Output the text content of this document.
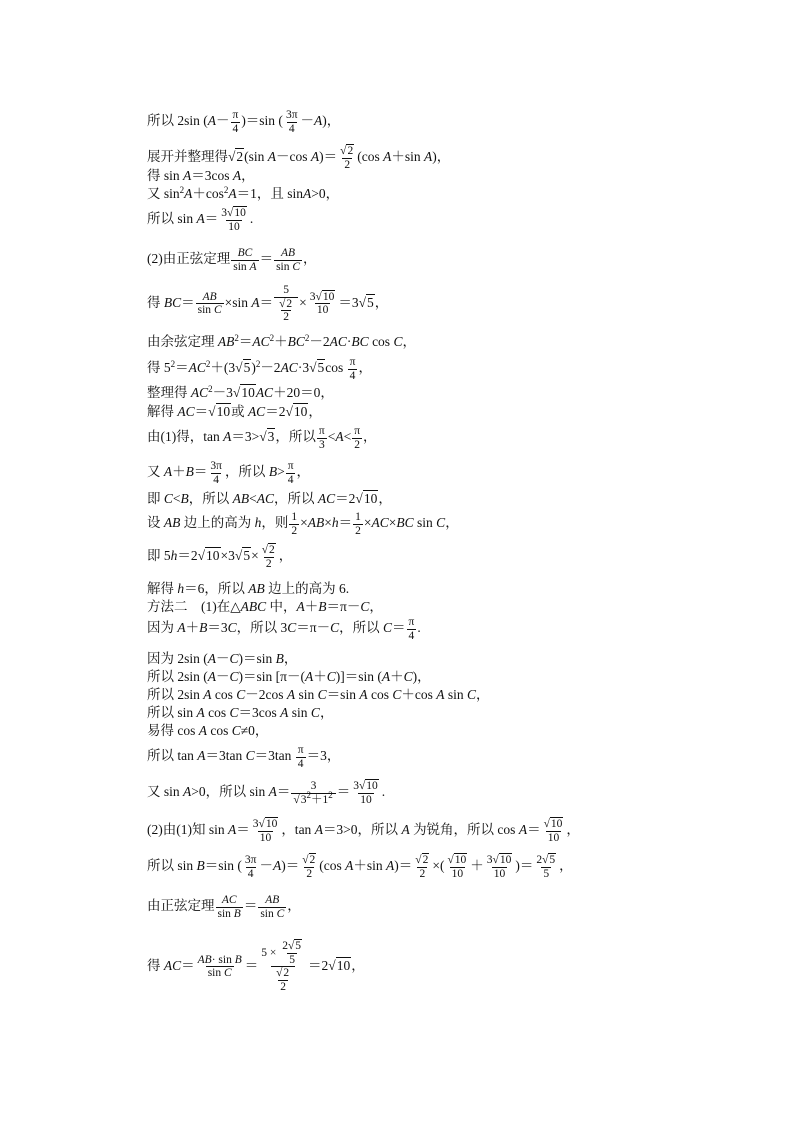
所以 2sin $(A- \frac{\pi}{4} )=\sin$ ( $\frac{3\pi}{4} -A$)，
展开并整理得√2(sin A－cos $A)= \frac{√2}{2} (\cos$ A＋sin A)，
得 sin A＝3cos A，
又 $\sin^2A+\cos^2A=1$，且 sinA>0，
所以 $\sin A= \frac{3√10}{10}$ .
(2)由正弦定理 $\frac{BC}{\text{sin A}} = \frac{AB}{\text{sin C}}$ ，
得 $BC= \frac{AB}{\text{sin C}} \times\sin$ $A= \frac{5}{\frac{√2}{2}} \times \frac{3√10}{10} =3√5$，
由余弦定理 $AB^2=AC^2+BC^2-2AC\cdot BC$ cos C，
得 $5^2=AC^2+(3√5)^2-2AC\cdot 3√5\cos \frac{\pi}{4}$ ，
整理得 $AC^2-3√10AC+20=0$，
解得 AC＝√10或 AC＝2√10，
由(1)得，tan A＝3>√3，所以 $\frac{\pi}{3} <A< \frac{\pi}{2}$ ，
又 $A+B= \frac{3\pi}{4}$ ，所以 $B> \frac{\pi}{4}$ ，
即 C<B，所以 AB<AC，所以 AC＝2√10，
设 AB 边上的高为 h，则 $\frac{1}{2} \times AB\times h= \frac{1}{2} \times AC\times BC$ sin C，
即 $5h=2√10\times 3√5\times \frac{√2}{2}$ ，
解得 h＝6，所以 AB 边上的高为 6.
方法二　(1)在△ABC 中，A＋B＝π－C，
因为 A＋B＝3C，所以 3C＝π－C，所以 $C= \frac{\pi}{4}$ .
因为 2sin (A－C)＝sin B，
所以 2sin (A－C)＝sin [π－(A＋C)]＝sin (A＋C)，
所以 2sin A cos C－2cos A sin C＝sin A cos C＋cos A sin C，
所以 sin A cos C＝3cos A sin C，
易得 cos A cos C≠0，
所以 tan A＝3tan $C=3\tan \frac{\pi}{4} =3$，
又 sin A>0，所以 $\sin A= \frac{3}{√3^2+1^2} = \frac{3√10}{10}$ .
(2)由(1)知 $\sin A= \frac{3√10}{10}$ ，tan A＝3>0，所以 A 为锐角，所以 $\cos A= \frac{√10}{10}$ ，
所以 sin B＝sin ( $\frac{3\pi}{4} -A)= \frac{√2}{2} (\cos$ A＋sin $A)= \frac{√2}{2}$ ×( $\frac{√10}{10} + \frac{3√10}{10}$ )＝ $\frac{2√5}{5}$ ，
由正弦定理 $\frac{AC}{\text{sin B}} = \frac{AB}{\text{sin C}}$ ，
得 $AC= \frac{\text{AB· sin B}}{\text{sin C}} = \frac{5 \times \frac{2√5}{5}}{\frac{√2}{2}} =2√10$，
